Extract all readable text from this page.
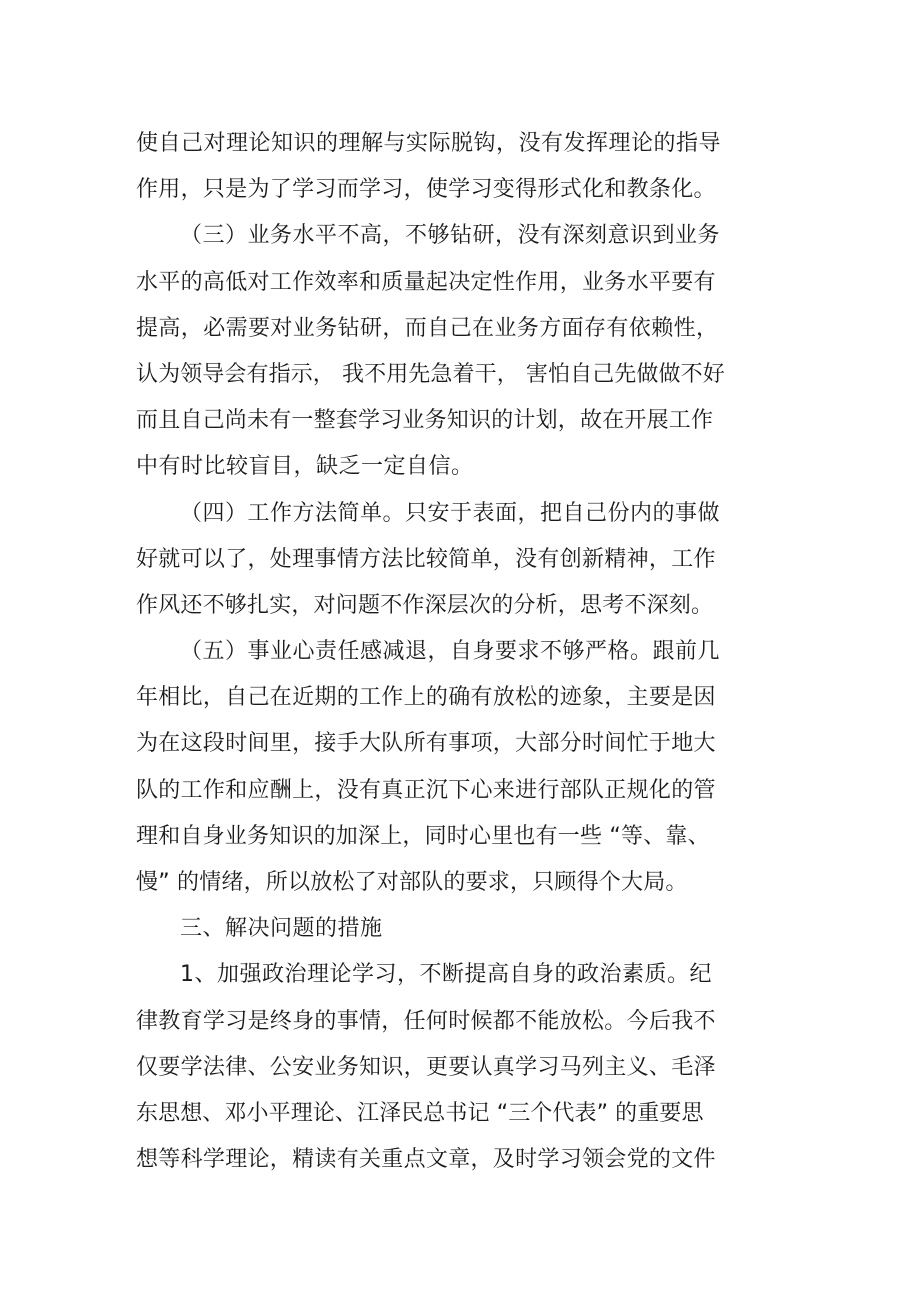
使自己对理论知识的理解与实际脱钩，没有发挥理论的指导
作用，只是为了学习而学习，使学习变得形式化和教条化。
（三）业务水平不高，不够钻研，没有深刻意识到业务
水平的高低对工作效率和质量起决定性作用，业务水平要有
提高，必需要对业务钻研，而自己在业务方面存有依赖性，
认为领导会有指示， 我不用先急着干， 害怕自己先做做不好
而且自己尚未有一整套学习业务知识的计划，故在开展工作
中有时比较盲目，缺乏一定自信。
（四）工作方法简单。只安于表面，把自己份内的事做
好就可以了，处理事情方法比较简单，没有创新精神，工作
作风还不够扎实，对问题不作深层次的分析，思考不深刻。
（五）事业心责任感减退，自身要求不够严格。跟前几
年相比，自己在近期的工作上的确有放松的迹象，主要是因
为在这段时间里，接手大队所有事项，大部分时间忙于地大
队的工作和应酬上，没有真正沉下心来进行部队正规化的管
理和自身业务知识的加深上，同时心里也有一些 “等、靠、
慢” 的情绪，所以放松了对部队的要求，只顾得个大局。
三、解决问题的措施
1、加强政治理论学习，不断提高自身的政治素质。纪
律教育学习是终身的事情，任何时候都不能放松。今后我不
仅要学法律、公安业务知识，更要认真学习马列主义、毛泽
东思想、邓小平理论、江泽民总书记 “三个代表” 的重要思
想等科学理论，精读有关重点文章，及时学习领会党的文件
